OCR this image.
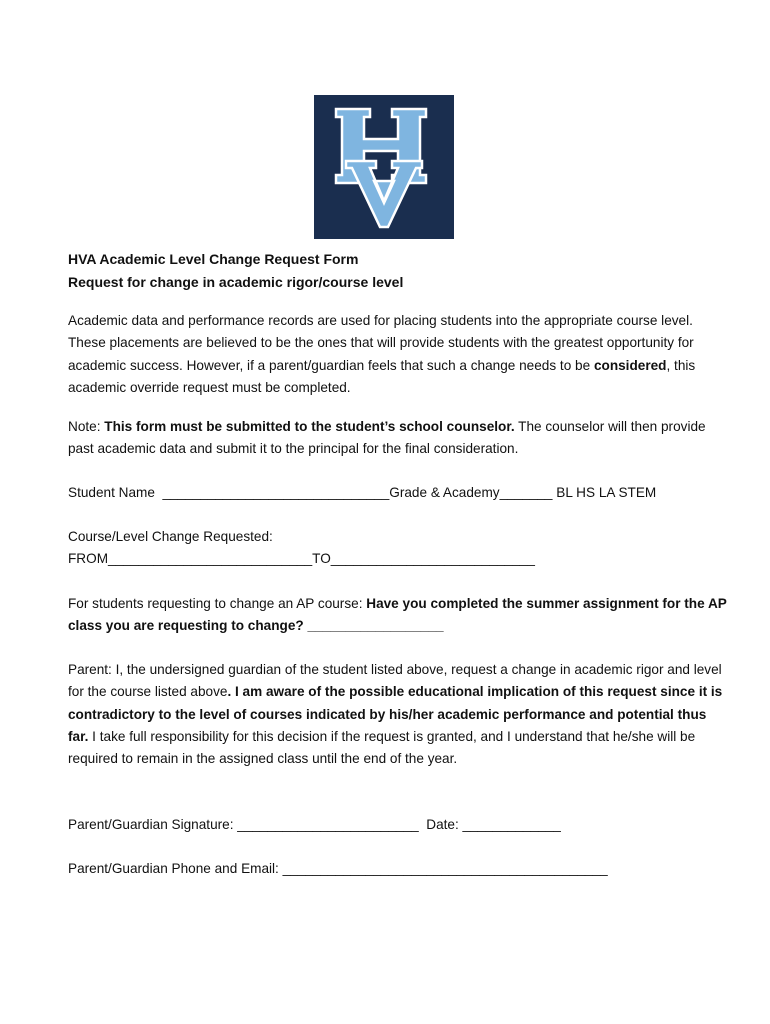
HVA Academic Level Change Request Form
Request for change in academic rigor/course level
Academic data and performance records are used for placing students into the appropriate course level. These placements are believed to be the ones that will provide students with the greatest opportunity for academic success. However, if a parent/guardian feels that such a change needs to be considered, this academic override request must be completed.
Note: This form must be submitted to the student’s school counselor. The counselor will then provide past academic data and submit it to the principal for the final consideration.
Student Name  ______________________________Grade & Academy_______ BL HS LA STEM
Course/Level Change Requested:
FROM___________________________TO___________________________
For students requesting to change an AP course: Have you completed the summer assignment for the AP class you are requesting to change? __________________
Parent: I, the undersigned guardian of the student listed above, request a change in academic rigor and level for the course listed above. I am aware of the possible educational implication of this request since it is contradictory to the level of courses indicated by his/her academic performance and potential thus far. I take full responsibility for this decision if the request is granted, and I understand that he/she will be required to remain in the assigned class until the end of the year.
Parent/Guardian Signature: ________________________  Date: _____________
Parent/Guardian Phone and Email: ___________________________________________
